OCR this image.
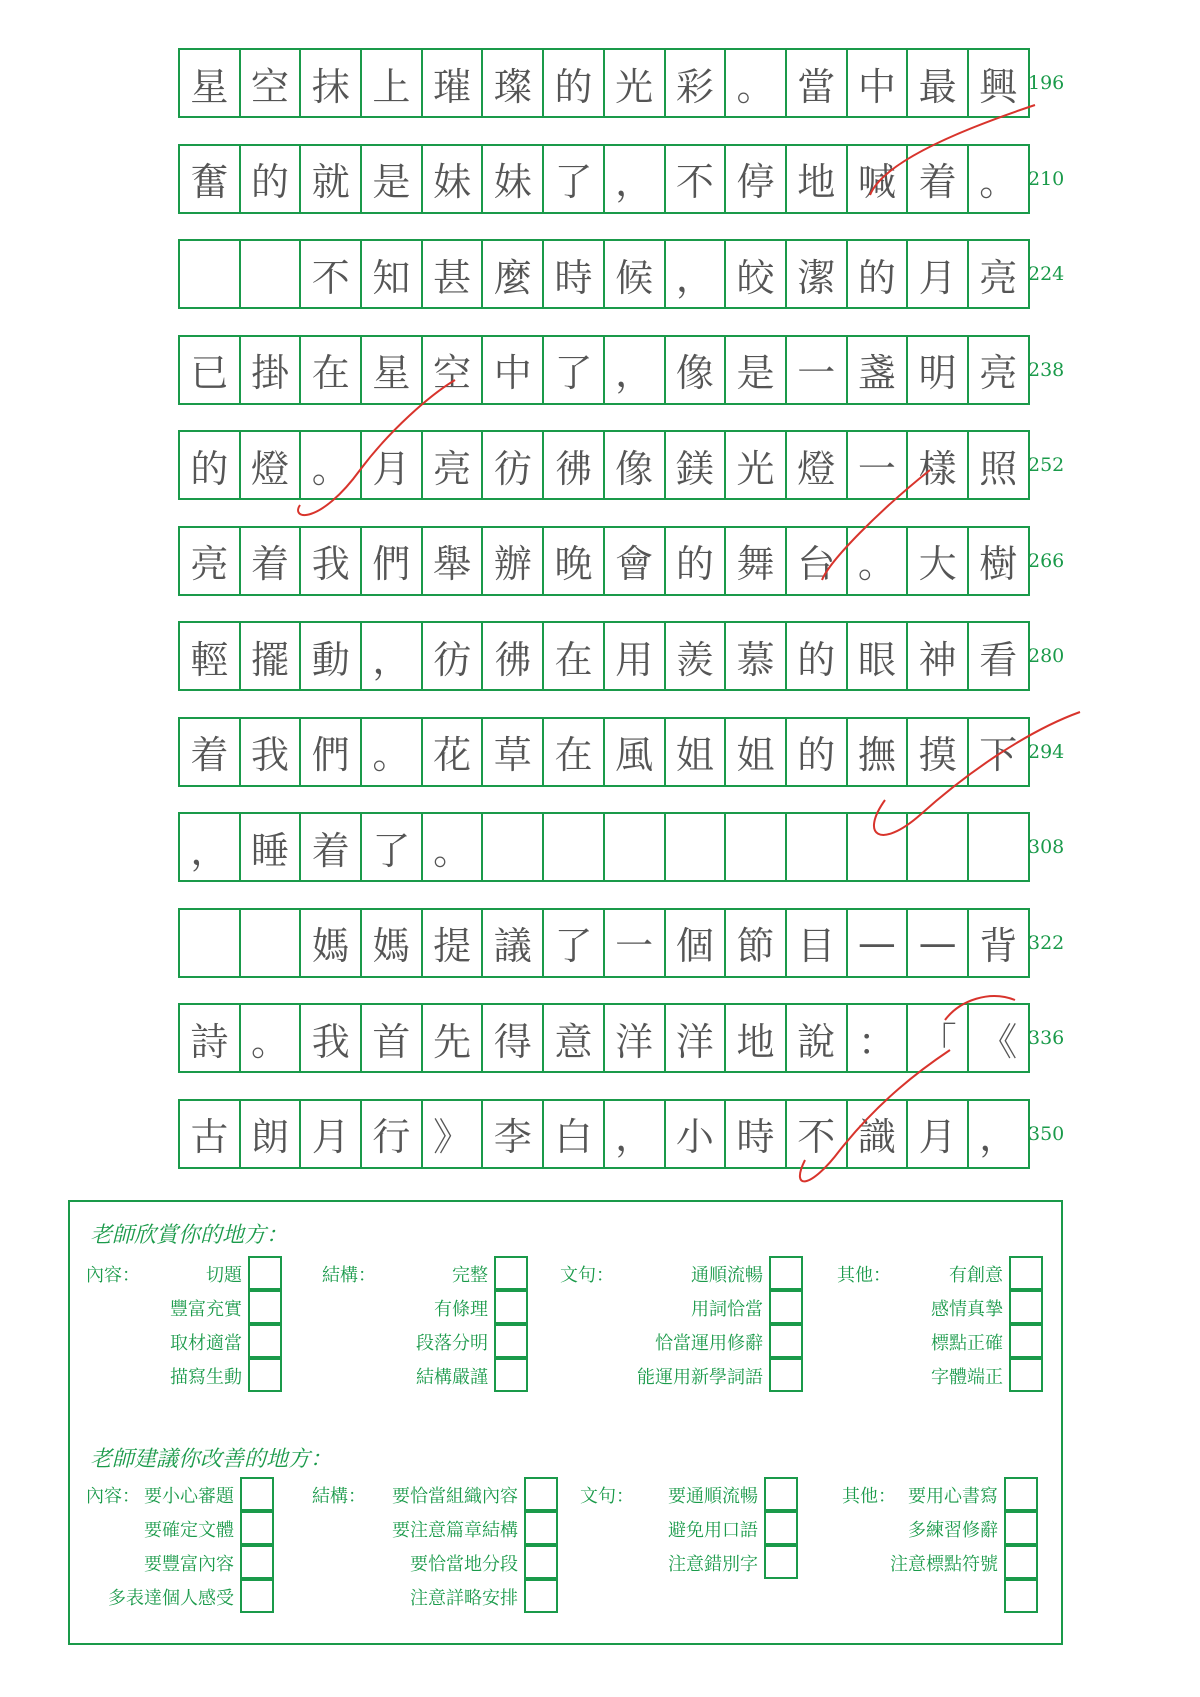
星 空 抹 上 璀 璨 的 光 彩 。 當 中 最 興 196
奮 的 就 是 妹 妹 了 ， 不 停 地 喊 着 。 210
不 知 甚 麼 時 候 ， 皎 潔 的 月 亮 224
已 掛 在 星 空 中 了 ， 像 是 一 盞 明 亮 238
的 燈 。 月 亮 彷 彿 像 鎂 光 燈 一 樣 照 252
亮 着 我 們 舉 辦 晚 會 的 舞 台 。 大 樹 266
輕 擺 動 ， 彷 彿 在 用 羨 慕 的 眼 神 看 280
着 我 們 。 花 草 在 風 姐 姐 的 撫 摸 下 294
， 睡 着 了 。	308
媽 媽 提 議 了 一 個 節 目 — — 背 322
詩 。 我 首 先 得 意 洋 洋 地 說 ： 「 《 336
古 朗 月 行 》 李 白 ， 小 時 不 識 月 ， 350
老師欣賞你的地方：
內容：	切題
豐富充實
取材適當
描寫生動
結構：	完整
有條理
段落分明
結構嚴謹
文句：	通順流暢
用詞恰當
恰當運用修辭
能運用新學詞語
其他：	有創意
感情真摯
標點正確
字體端正
老師建議你改善的地方：
內容： 要小心審題
要確定文體
要豐富內容
多表達個人感受
結構： 要恰當組織內容
要注意篇章結構
要恰當地分段
注意詳略安排
文句： 要通順流暢
避免用口語
注意錯別字
其他： 要用心書寫
多練習修辭
注意標點符號
